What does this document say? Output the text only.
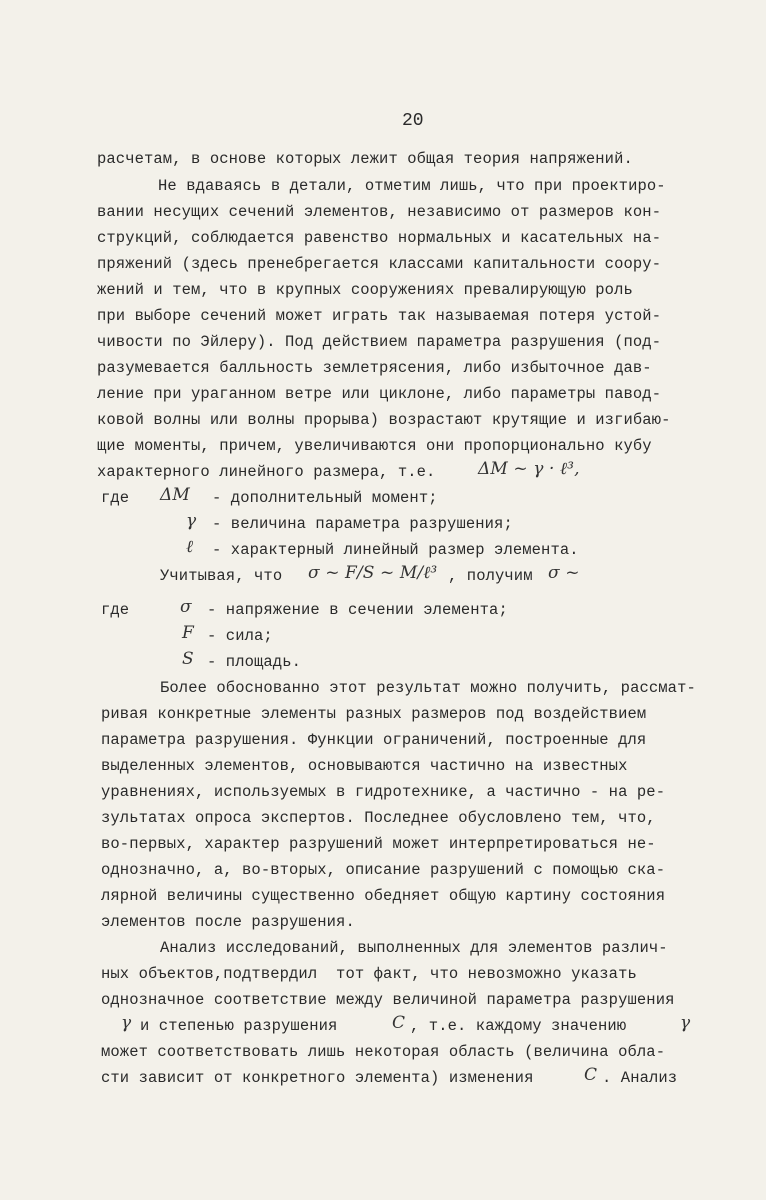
20
расчетам, в основе которых лежит общая теория напряжений.
Не вдаваясь в детали, отметим лишь, что при проектиро-
вании несущих сечений элементов, независимо от размеров кон-
струкций, соблюдается равенство нормальных и касательных на-
пряжений (здесь пренебрегается классами капитальности соору-
жений и тем, что в крупных сооружениях превалирующую роль
при выборе сечений может играть так называемая потеря устой-
чивости по Эйлеру). Под действием параметра разрушения (под-
разумевается балльность землетрясения, либо избыточное дав-
ление при ураганном ветре или циклоне, либо параметры павод-
ковой волны или волны прорыва) возрастают крутящие и изгибаю-
щие моменты, причем, увеличиваются они пропорционально кубу
характерного линейного размера, т.е.	ΔM ~ γ · ℓ³,
где ΔM - дополнительный момент;
γ - величина параметра разрушения;
ℓ - характерный линейный размер элемента.
Учитывая, что σ ~ F/S ~ M/ℓ³ , получим σ ~
где	σ - напряжение в сечении элемента;
F - сила;
S - площадь.
Более обоснованно этот результат можно получить, рассмат-
ривая конкретные элементы разных размеров под воздействием
параметра разрушения. Функции ограничений, построенные для
выделенных элементов, основываются частично на известных
уравнениях, используемых в гидротехнике, а частично - на ре-
зультатах опроса экспертов. Последнее обусловлено тем, что,
во-первых, характер разрушений может интерпретироваться не-
однозначно, а, во-вторых, описание разрушений с помощью ска-
лярной величины существенно обедняет общую картину состояния
элементов после разрушения.
Анализ исследований, выполненных для элементов различ-
ных объектов,подтвердил  тот факт, что невозможно указать
однозначное соответствие между величиной параметра разрушения
γ и степенью разрушения	C , т.е. каждому значению	γ
может соответствовать лишь некоторая область (величина обла-
сти зависит от конкретного элемента) изменения	C . Анализ
